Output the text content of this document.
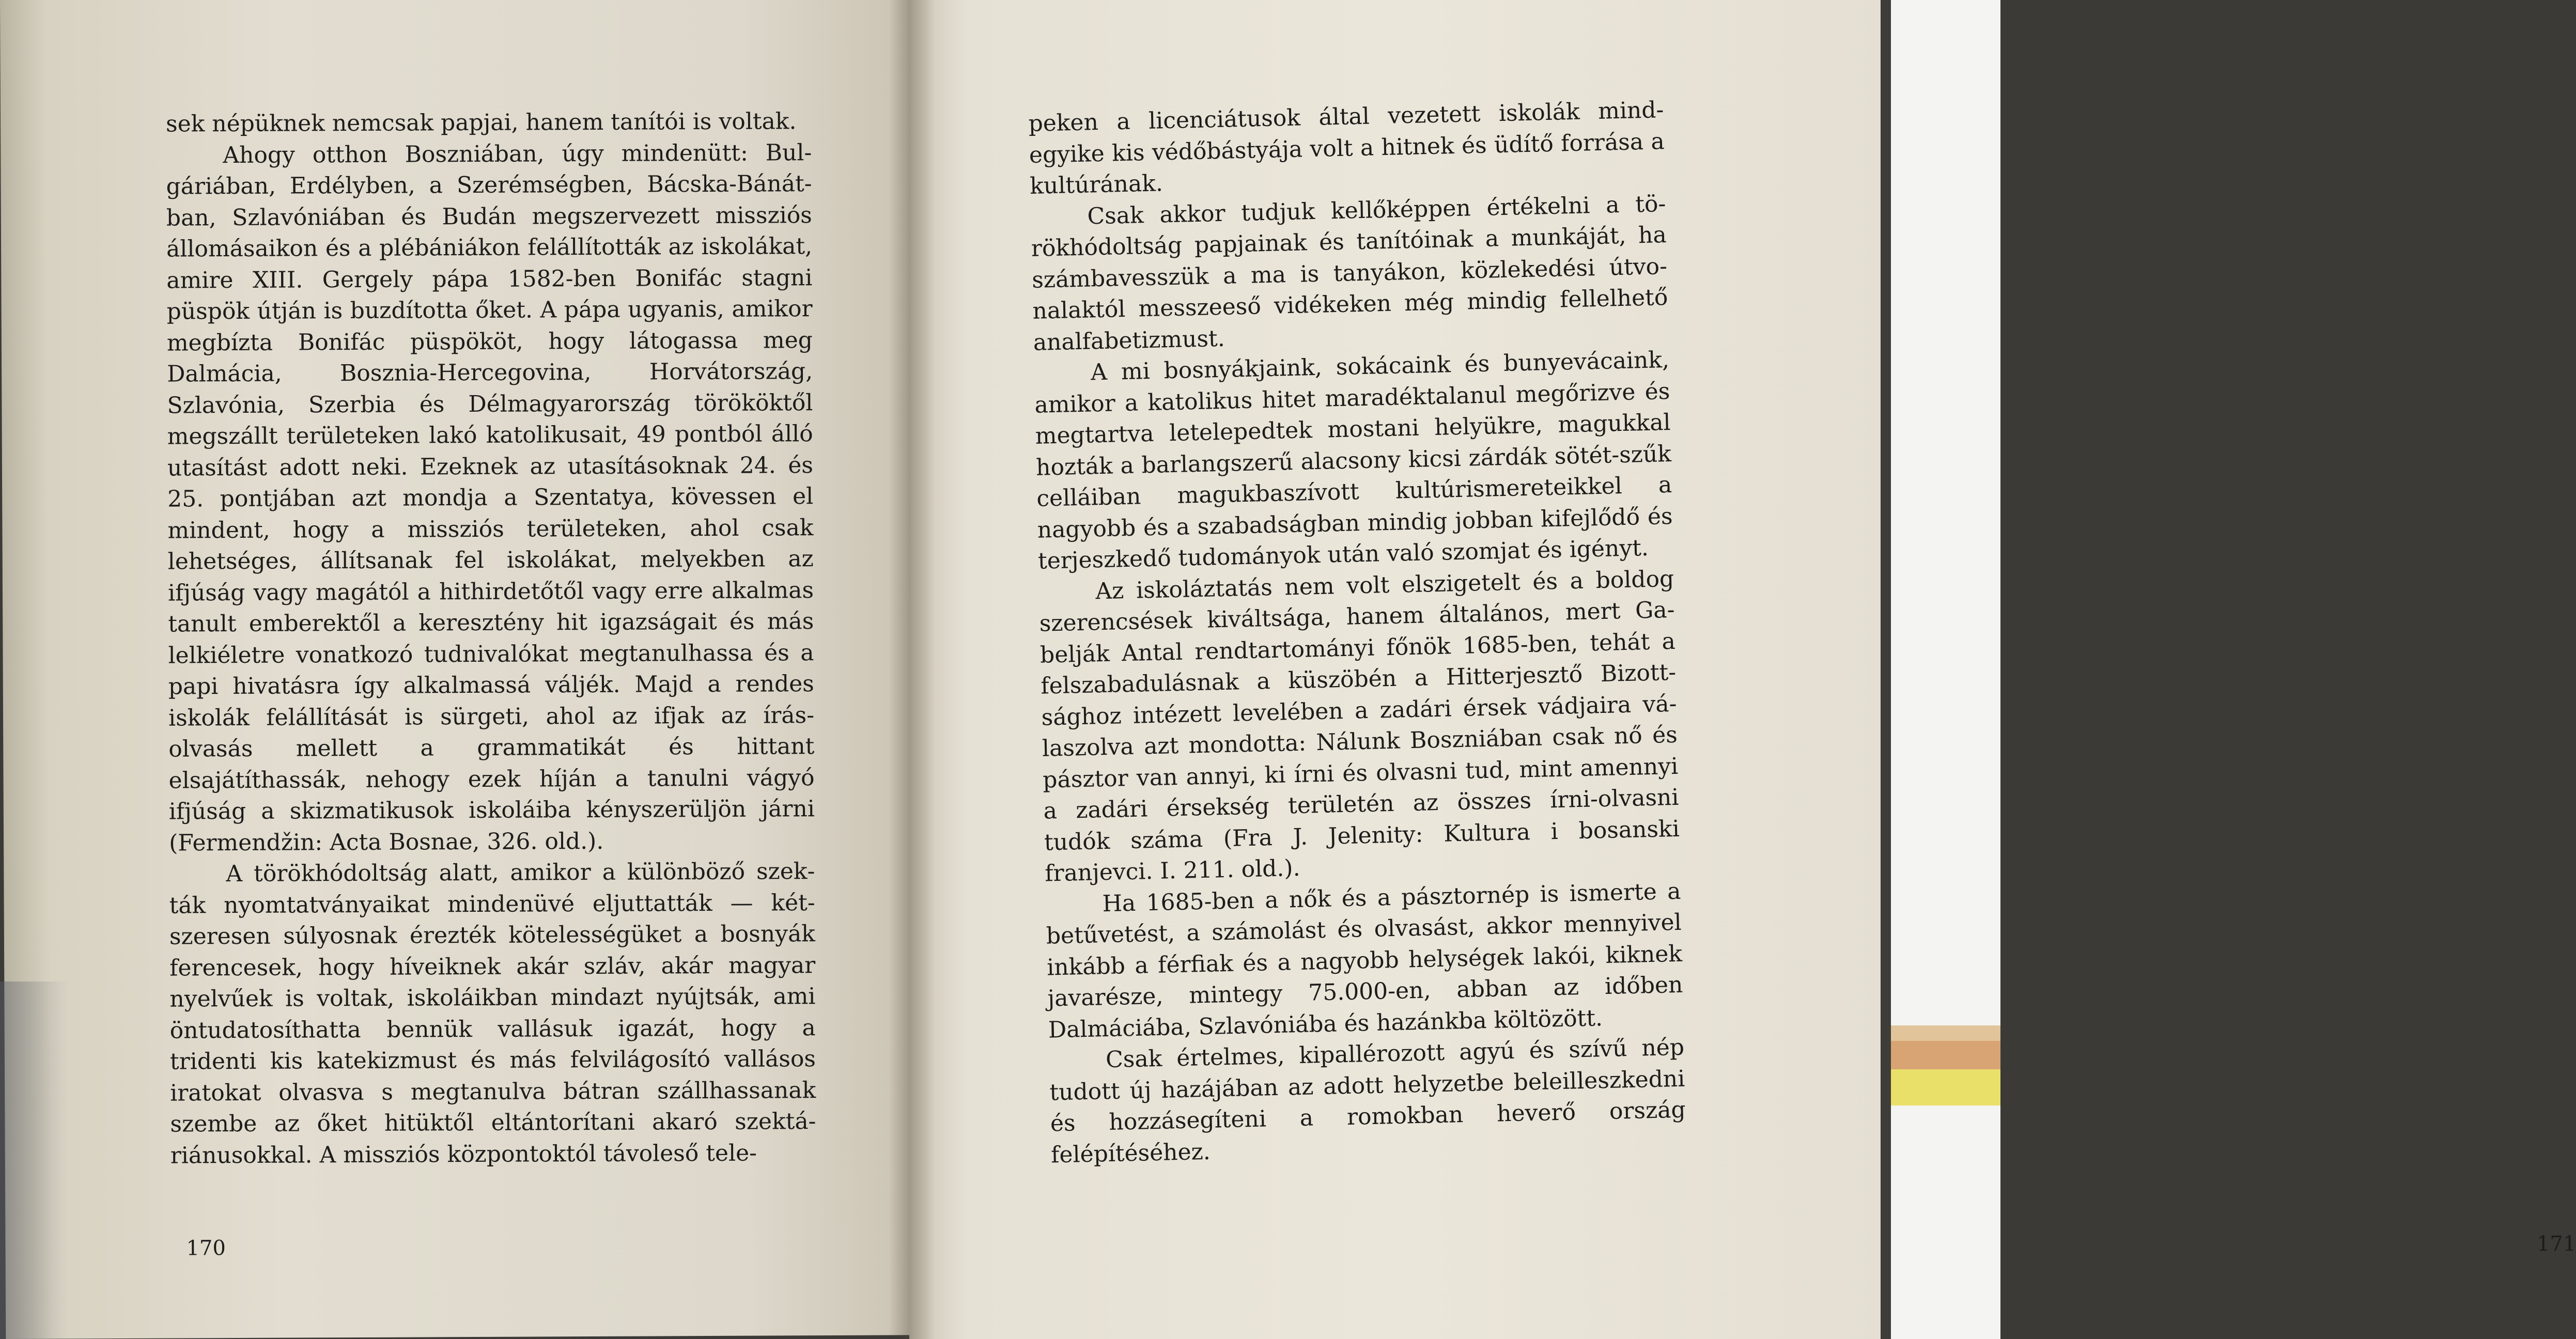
sek népüknek nemcsak papjai, hanem tanítói is voltak.

Ahogy otthon Boszniában, úgy mindenütt: Bulgáriában, Erdélyben, a Szerémségben, Bácska-Bánátban, Szlavóniában és Budán megszervezett missziós állomásaikon és a plébániákon felállították az iskolákat, amire XIII. Gergely pápa 1582-ben Bonifác stagni püspök útján is buzdította őket. A pápa ugyanis, amikor megbízta Bonifác püspököt, hogy látogassa meg Dalmácia, Bosznia-Hercegovina, Horvátország, Szlavónia, Szerbia és Délmagyarország törököktől megszállt területeken lakó katolikusait, 49 pontból álló utasítást adott neki. Ezeknek az utasításoknak 24. és 25. pontjában azt mondja a Szentatya, kövessen el mindent, hogy a missziós területeken, ahol csak lehetséges, állítsanak fel iskolákat, melyekben az ifjúság vagy magától a hithirdetőtől vagy erre alkalmas tanult emberektől a keresztény hit igazságait és más lelkiéletre vonatkozó tudnivalókat megtanulhassa és a papi hivatásra így alkalmassá váljék. Majd a rendes iskolák felállítását is sürgeti, ahol az ifjak az írás-olvasás mellett a grammatikát és hittant elsajátíthassák, nehogy ezek híján a tanulni vágyó ifjúság a skizmatikusok iskoláiba kényszerüljön járni (Fermendžin: Acta Bosnae, 326. old.).

A törökhódoltság alatt, amikor a különböző szekták nyomtatványaikat mindenüvé eljuttatták — kétszeresen súlyosnak érezték kötelességüket a bosnyák ferencesek, hogy híveiknek akár szláv, akár magyar nyelvűek is voltak, iskoláikban mindazt nyújtsák, ami öntudatosíthatta bennük vallásuk igazát, hogy a tridenti kis katekizmust és más felvilágosító vallásos iratokat olvasva s megtanulva bátran szállhassanak szembe az őket hitüktől eltántorítani akaró szektáriánusokkal. A missziós központoktól távoleső tele-

170	171

peken a licenciátusok által vezetett iskolák mindegyike kis védőbástyája volt a hitnek és üdítő forrása a kultúrának.

Csak akkor tudjuk kellőképpen értékelni a törökhódoltság papjainak és tanítóinak a munkáját, ha számbavesszük a ma is tanyákon, közlekedési útvonalaktól messzeeső vidékeken még mindig fellelhető analfabetizmust.

A mi bosnyákjaink, sokácaink és bunyevácaink, amikor a katolikus hitet maradéktalanul megőrizve és megtartva letelepedtek mostani helyükre, magukkal hozták a barlangszerű alacsony kicsi zárdák sötét-szűk celláiban magukbaszívott kultúrismereteikkel a nagyobb és a szabadságban mindig jobban kifejlődő és terjeszkedő tudományok után való szomjat és igényt.

Az iskoláztatás nem volt elszigetelt és a boldog szerencsések kiváltsága, hanem általános, mert Gabelják Antal rendtartományi főnök 1685-ben, tehát a felszabadulásnak a küszöbén a Hitterjesztő Bizottsághoz intézett levelében a zadári érsek vádjaira válaszolva azt mondotta: Nálunk Boszniában csak nő és pásztor van annyi, ki írni és olvasni tud, mint amennyi a zadári érsekség területén az összes írni-olvasni tudók száma (Fra J. Jelenity: Kultura i bosanski franjevci. I. 211. old.).

Ha 1685-ben a nők és a pásztornép is ismerte a betűvetést, a számolást és olvasást, akkor mennyivel inkább a férfiak és a nagyobb helységek lakói, kiknek javarésze, mintegy 75.000-en, abban az időben Dalmáciába, Szlavóniába és hazánkba költözött.

Csak értelmes, kipallérozott agyú és szívű nép tudott új hazájában az adott helyzetbe beleilleszkedni és hozzásegíteni a romokban heverő ország felépítéséhez.
